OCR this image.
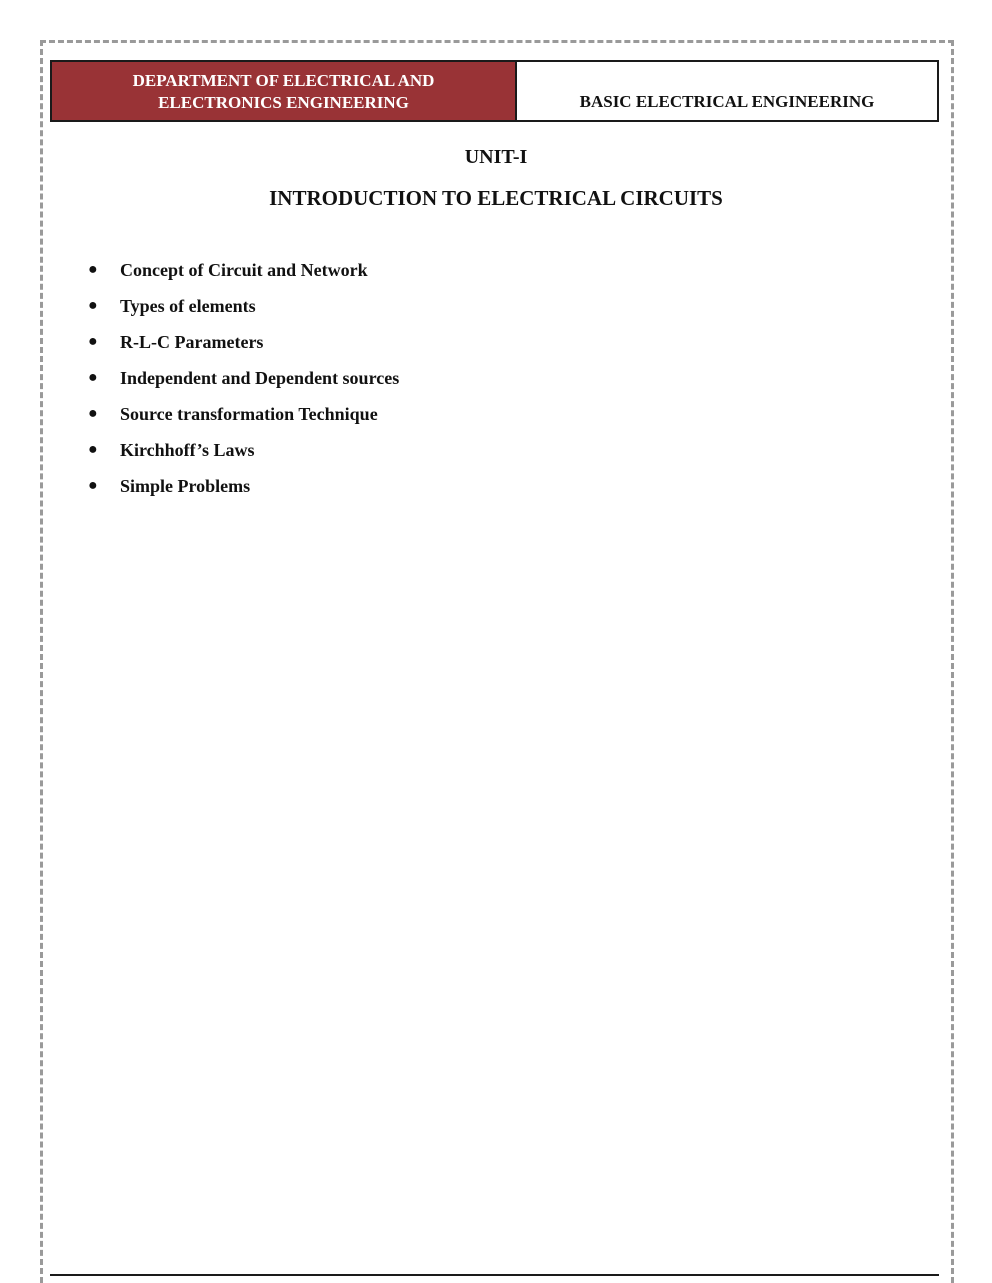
DEPARTMENT OF ELECTRICAL AND
ELECTRONICS ENGINEERING	BASIC ELECTRICAL ENGINEERING
UNIT-I
INTRODUCTION TO ELECTRICAL CIRCUITS
●	Concept of Circuit and Network
●	Types of elements
●	R-L-C Parameters
●	Independent and Dependent sources
●	Source transformation Technique
●	Kirchhoff’s Laws
●	Simple Problems
